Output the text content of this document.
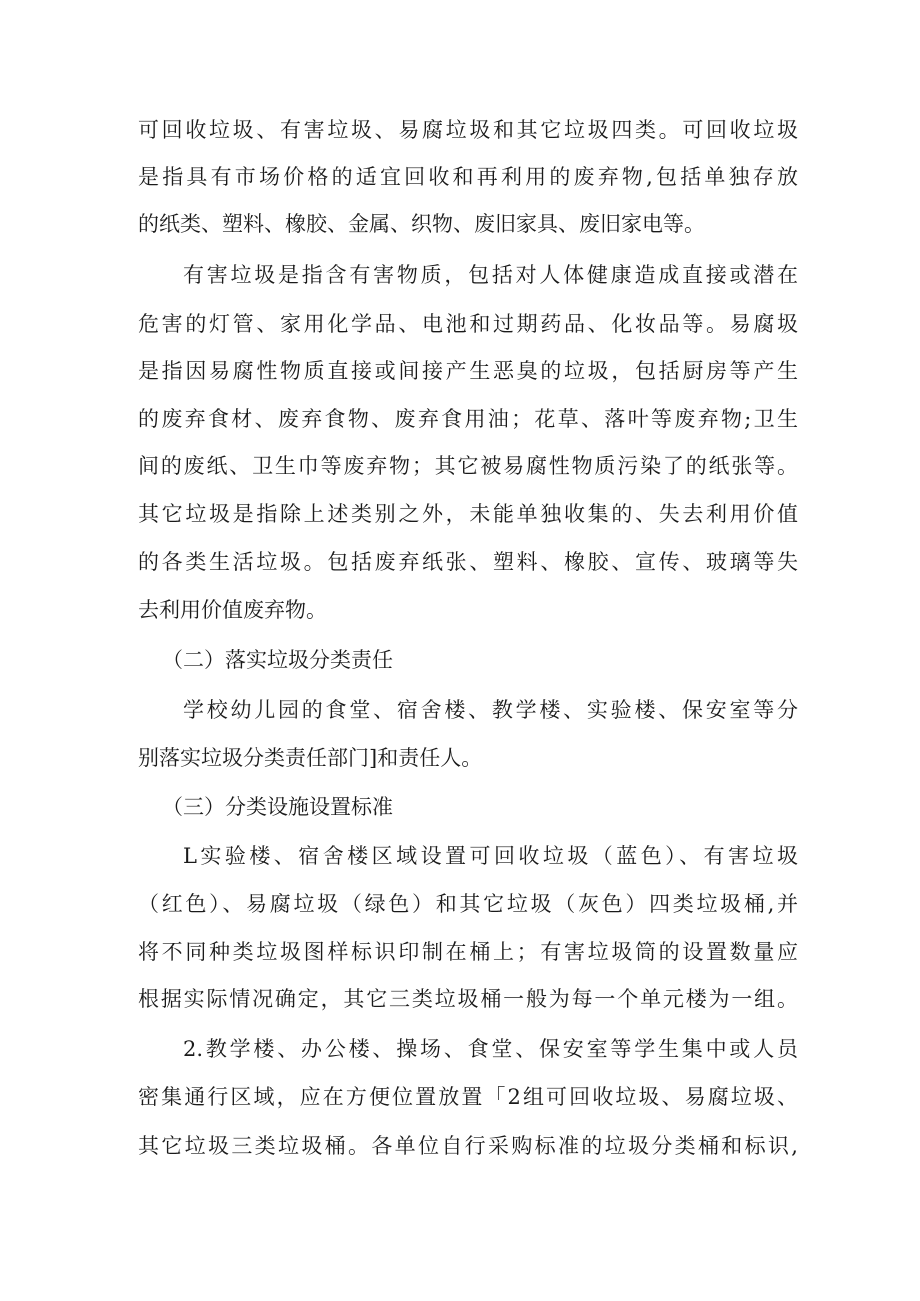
可回收垃圾、有害垃圾、易腐垃圾和其它垃圾四类。可回收垃圾
是指具有市场价格的适宜回收和再利用的废弃物,包括单独存放
的纸类、塑料、橡胶、金属、织物、废旧家具、废旧家电等。
有害垃圾是指含有害物质，包括对人体健康造成直接或潜在
危害的灯管、家用化学品、电池和过期药品、化妆品等。易腐圾
是指因易腐性物质直接或间接产生恶臭的垃圾，包括厨房等产生
的废弃食材、废弃食物、废弃食用油；花草、落叶等废弃物;卫生
间的废纸、卫生巾等废弃物；其它被易腐性物质污染了的纸张等。
其它垃圾是指除上述类别之外，未能单独收集的、失去利用价值
的各类生活垃圾。包括废弃纸张、塑料、橡胶、宣传、玻璃等失
去利用价值废弃物。
（二）落实垃圾分类责任
学校幼儿园的食堂、宿舍楼、教学楼、实验楼、保安室等分
别落实垃圾分类责任部门]和责任人。
（三）分类设施设置标准
L实验楼、宿舍楼区域设置可回收垃圾（蓝色）、有害垃圾
（红色）、易腐垃圾（绿色）和其它垃圾（灰色）四类垃圾桶,并
将不同种类垃圾图样标识印制在桶上；有害垃圾筒的设置数量应
根据实际情况确定，其它三类垃圾桶一般为每一个单元楼为一组。
2.教学楼、办公楼、操场、食堂、保安室等学生集中或人员
密集通行区域，应在方便位置放置「2组可回收垃圾、易腐垃圾、
其它垃圾三类垃圾桶。各单位自行采购标准的垃圾分类桶和标识,
